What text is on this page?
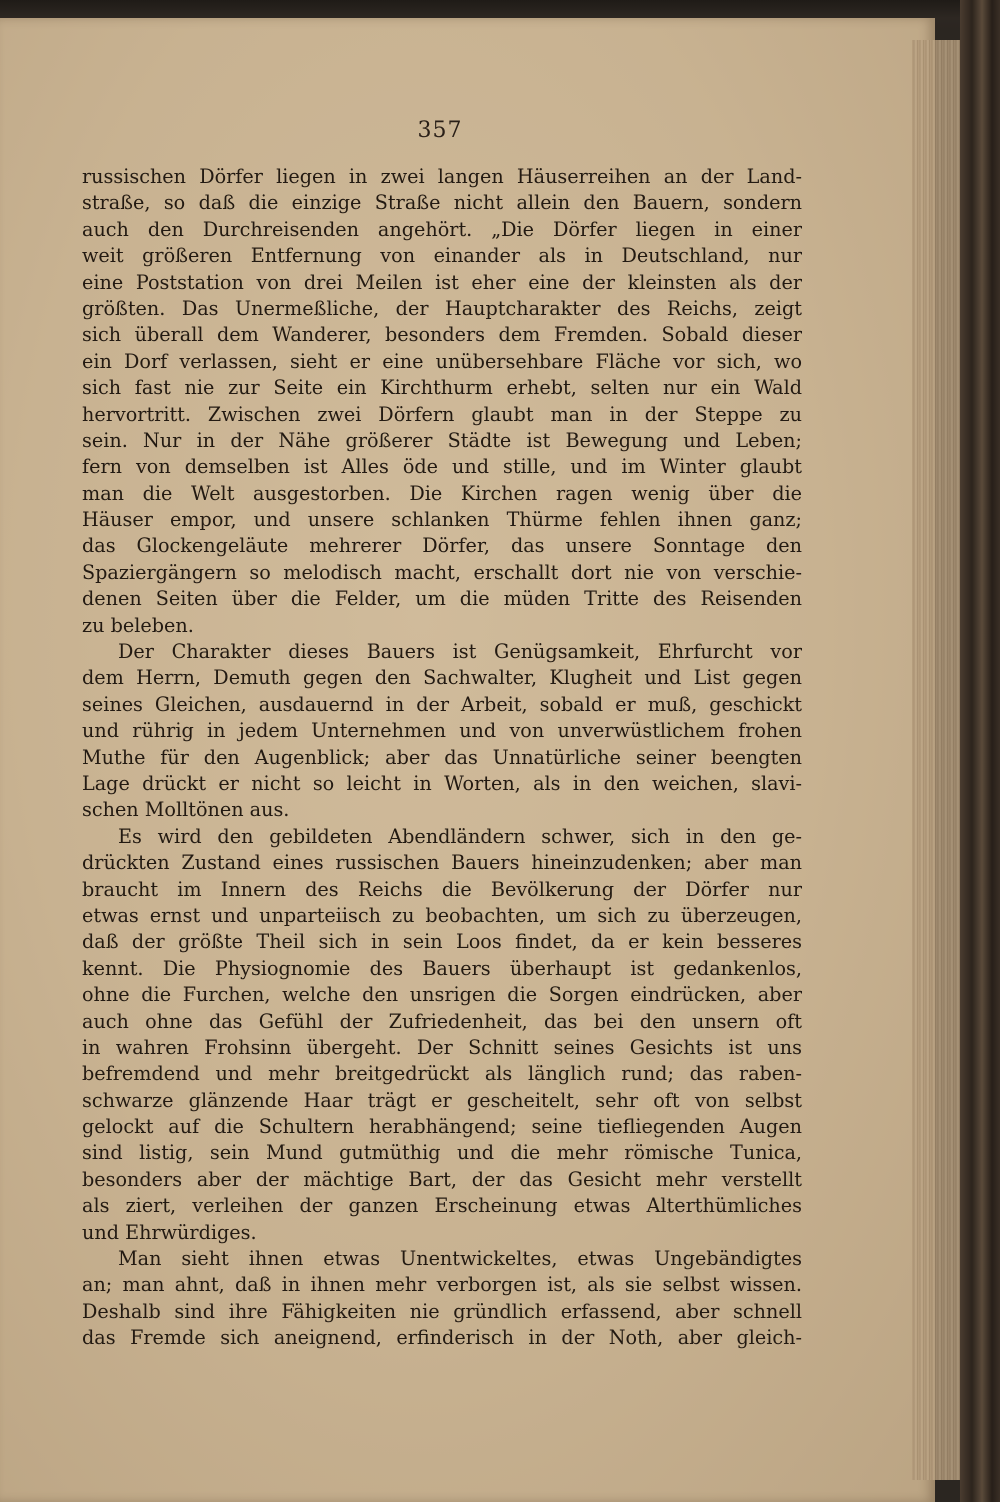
357
russischen Dörfer liegen in zwei langen Häuserreihen an der Land-
straße, so daß die einzige Straße nicht allein den Bauern, sondern
auch den Durchreisenden angehört. „Die Dörfer liegen in einer
weit größeren Entfernung von einander als in Deutschland, nur
eine Poststation von drei Meilen ist eher eine der kleinsten als der
größten. Das Unermeßliche, der Hauptcharakter des Reichs, zeigt
sich überall dem Wanderer, besonders dem Fremden. Sobald dieser
ein Dorf verlassen, sieht er eine unübersehbare Fläche vor sich, wo
sich fast nie zur Seite ein Kirchthurm erhebt, selten nur ein Wald
hervortritt. Zwischen zwei Dörfern glaubt man in der Steppe zu
sein. Nur in der Nähe größerer Städte ist Bewegung und Leben;
fern von demselben ist Alles öde und stille, und im Winter glaubt
man die Welt ausgestorben. Die Kirchen ragen wenig über die
Häuser empor, und unsere schlanken Thürme fehlen ihnen ganz;
das Glockengeläute mehrerer Dörfer, das unsere Sonntage den
Spaziergängern so melodisch macht, erschallt dort nie von verschie-
denen Seiten über die Felder, um die müden Tritte des Reisenden
zu beleben.
Der Charakter dieses Bauers ist Genügsamkeit, Ehrfurcht vor
dem Herrn, Demuth gegen den Sachwalter, Klugheit und List gegen
seines Gleichen, ausdauernd in der Arbeit, sobald er muß, geschickt
und rührig in jedem Unternehmen und von unverwüstlichem frohen
Muthe für den Augenblick; aber das Unnatürliche seiner beengten
Lage drückt er nicht so leicht in Worten, als in den weichen, slavi-
schen Molltönen aus.
Es wird den gebildeten Abendländern schwer, sich in den ge-
drückten Zustand eines russischen Bauers hineinzudenken; aber man
braucht im Innern des Reichs die Bevölkerung der Dörfer nur
etwas ernst und unparteiisch zu beobachten, um sich zu überzeugen,
daß der größte Theil sich in sein Loos findet, da er kein besseres
kennt. Die Physiognomie des Bauers überhaupt ist gedankenlos,
ohne die Furchen, welche den unsrigen die Sorgen eindrücken, aber
auch ohne das Gefühl der Zufriedenheit, das bei den unsern oft
in wahren Frohsinn übergeht. Der Schnitt seines Gesichts ist uns
befremdend und mehr breitgedrückt als länglich rund; das raben-
schwarze glänzende Haar trägt er gescheitelt, sehr oft von selbst
gelockt auf die Schultern herabhängend; seine tiefliegenden Augen
sind listig, sein Mund gutmüthig und die mehr römische Tunica,
besonders aber der mächtige Bart, der das Gesicht mehr verstellt
als ziert, verleihen der ganzen Erscheinung etwas Alterthümliches
und Ehrwürdiges.
Man sieht ihnen etwas Unentwickeltes, etwas Ungebändigtes
an; man ahnt, daß in ihnen mehr verborgen ist, als sie selbst wissen.
Deshalb sind ihre Fähigkeiten nie gründlich erfassend, aber schnell
das Fremde sich aneignend, erfinderisch in der Noth, aber gleich-
